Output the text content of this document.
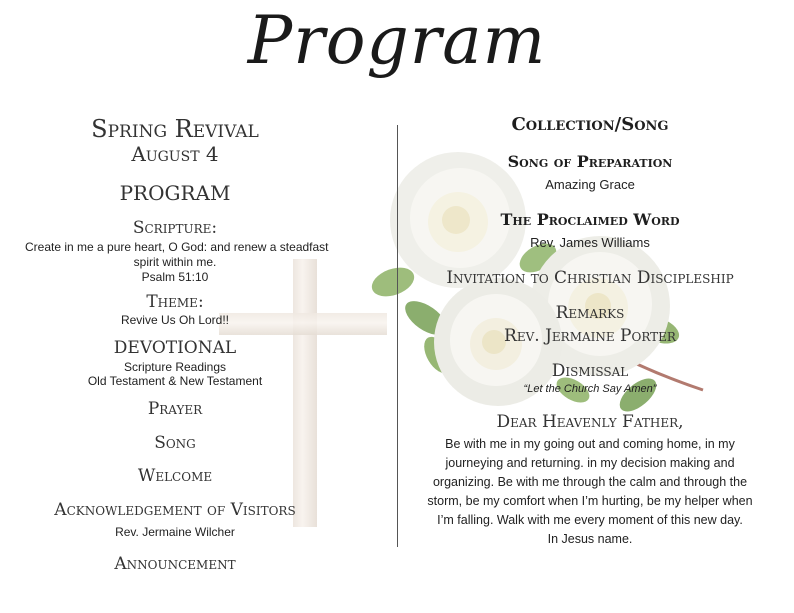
Program
Spring Revival
August 4
PROGRAM
Scripture:
Create in me a pure heart, O God: and renew a steadfast
spirit within me.
Psalm 51:10
Theme:
Revive Us Oh Lord!!
DEVOTIONAL
Scripture Readings
Old Testament & New Testament
Prayer
Song
Welcome
Acknowledgement of Visitors
Rev. Jermaine Wilcher
Announcement
Collection/Song
Song of Preparation
Amazing Grace
The Proclaimed Word
Rev. James Williams
Invitation to Christian Discipleship
Remarks
Rev. Jermaine Porter
Dismissal
“Let the Church Say Amen”
Dear Heavenly Father,
Be with me in my going out and coming home, in my
journeying and returning. in my decision making and
organizing. Be with me through the calm and through the
storm, be my comfort when I’m hurting, be my helper when
I’m falling. Walk with me every moment of this new day.
In Jesus name.
